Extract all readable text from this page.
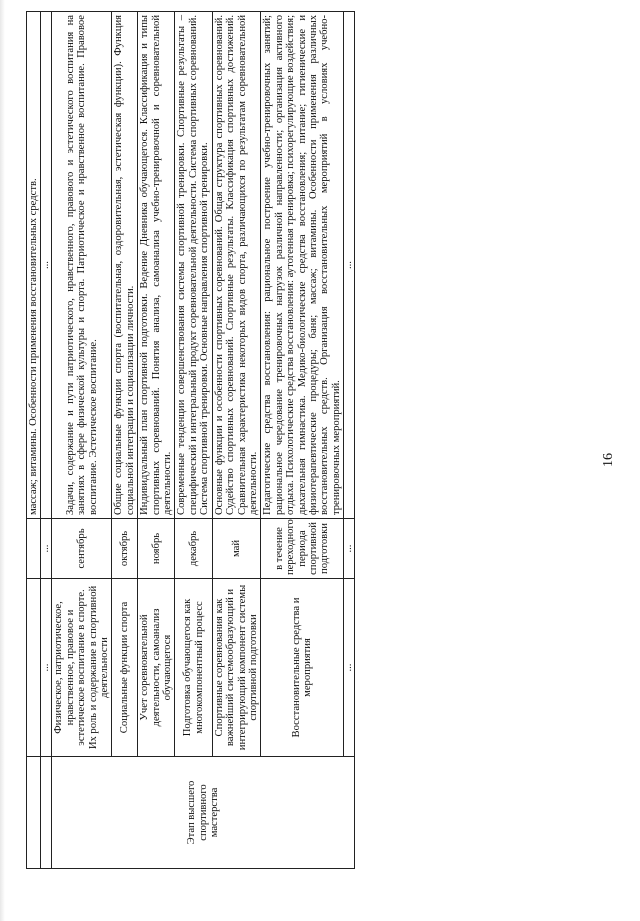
16
			массаж; витамины. Особенности применения восстановительных средств.
	...	...	...
Этап высшего спортивного мастерства	Физическое, патриотическое, нравственное, правовое и эстетическое воспитание в спорте. Их роль и содержание в спортивной деятельности	сентябрь	Задачи, содержание и пути патриотического, нравственного, правового и эстетического воспитания на занятиях в сфере физической культуры и спорта. Патриотическое и нравственное воспитание. Правовое воспитание. Эстетическое воспитание.
	Социальные функции спорта	октябрь	Общие социальные функции спорта (воспитательная, оздоровительная, эстетическая функции). Функция социальной интеграции и социализации личности.
	Учет соревновательной деятельности, самоанализ обучающегося	ноябрь	Индивидуальный план спортивной подготовки. Ведение Дневника обучающегося. Классификация и типы спортивных соревнований. Понятия анализа, самоанализа учебно-тренировочной и соревновательной деятельности.
	Подготовка обучающегося как многокомпонентный процесс	декабрь	Современные тенденции совершенствования системы спортивной тренировки. Спортивные результаты – специфический и интегральный продукт соревновательной деятельности. Система спортивных соревнований. Система спортивной тренировки. Основные направления спортивной тренировки.
	Спортивные соревнования как важнейший системообразующий и интегрирующий компонент системы спортивной подготовки	май	Основные функции и особенности спортивных соревнований. Общая структура спортивных соревнований. Судейство спортивных соревнований. Спортивные результаты. Классификация спортивных достижений. Сравнительная характеристика некоторых видов спорта, различающихся по результатам соревновательной деятельности.
	Восстановительные средства и мероприятия	в течение переходного периода спортивной подготовки	Педагогические средства восстановления: рациональное построение учебно-тренировочных занятий; рациональное чередование тренировочных нагрузок различной направленности; организация активного отдыха. Психологические средства восстановления: аутогенная тренировка; психорегулирующие воздействия; дыхательная гимнастика. Медико-биологические средства восстановления; питание; гигиенические и физиотерапевтические процедуры; баня; массаж; витамины. Особенности применения различных восстановительных средств. Организация восстановительных мероприятий в условиях учебно-тренировочных мероприятий.
	...	...	...
